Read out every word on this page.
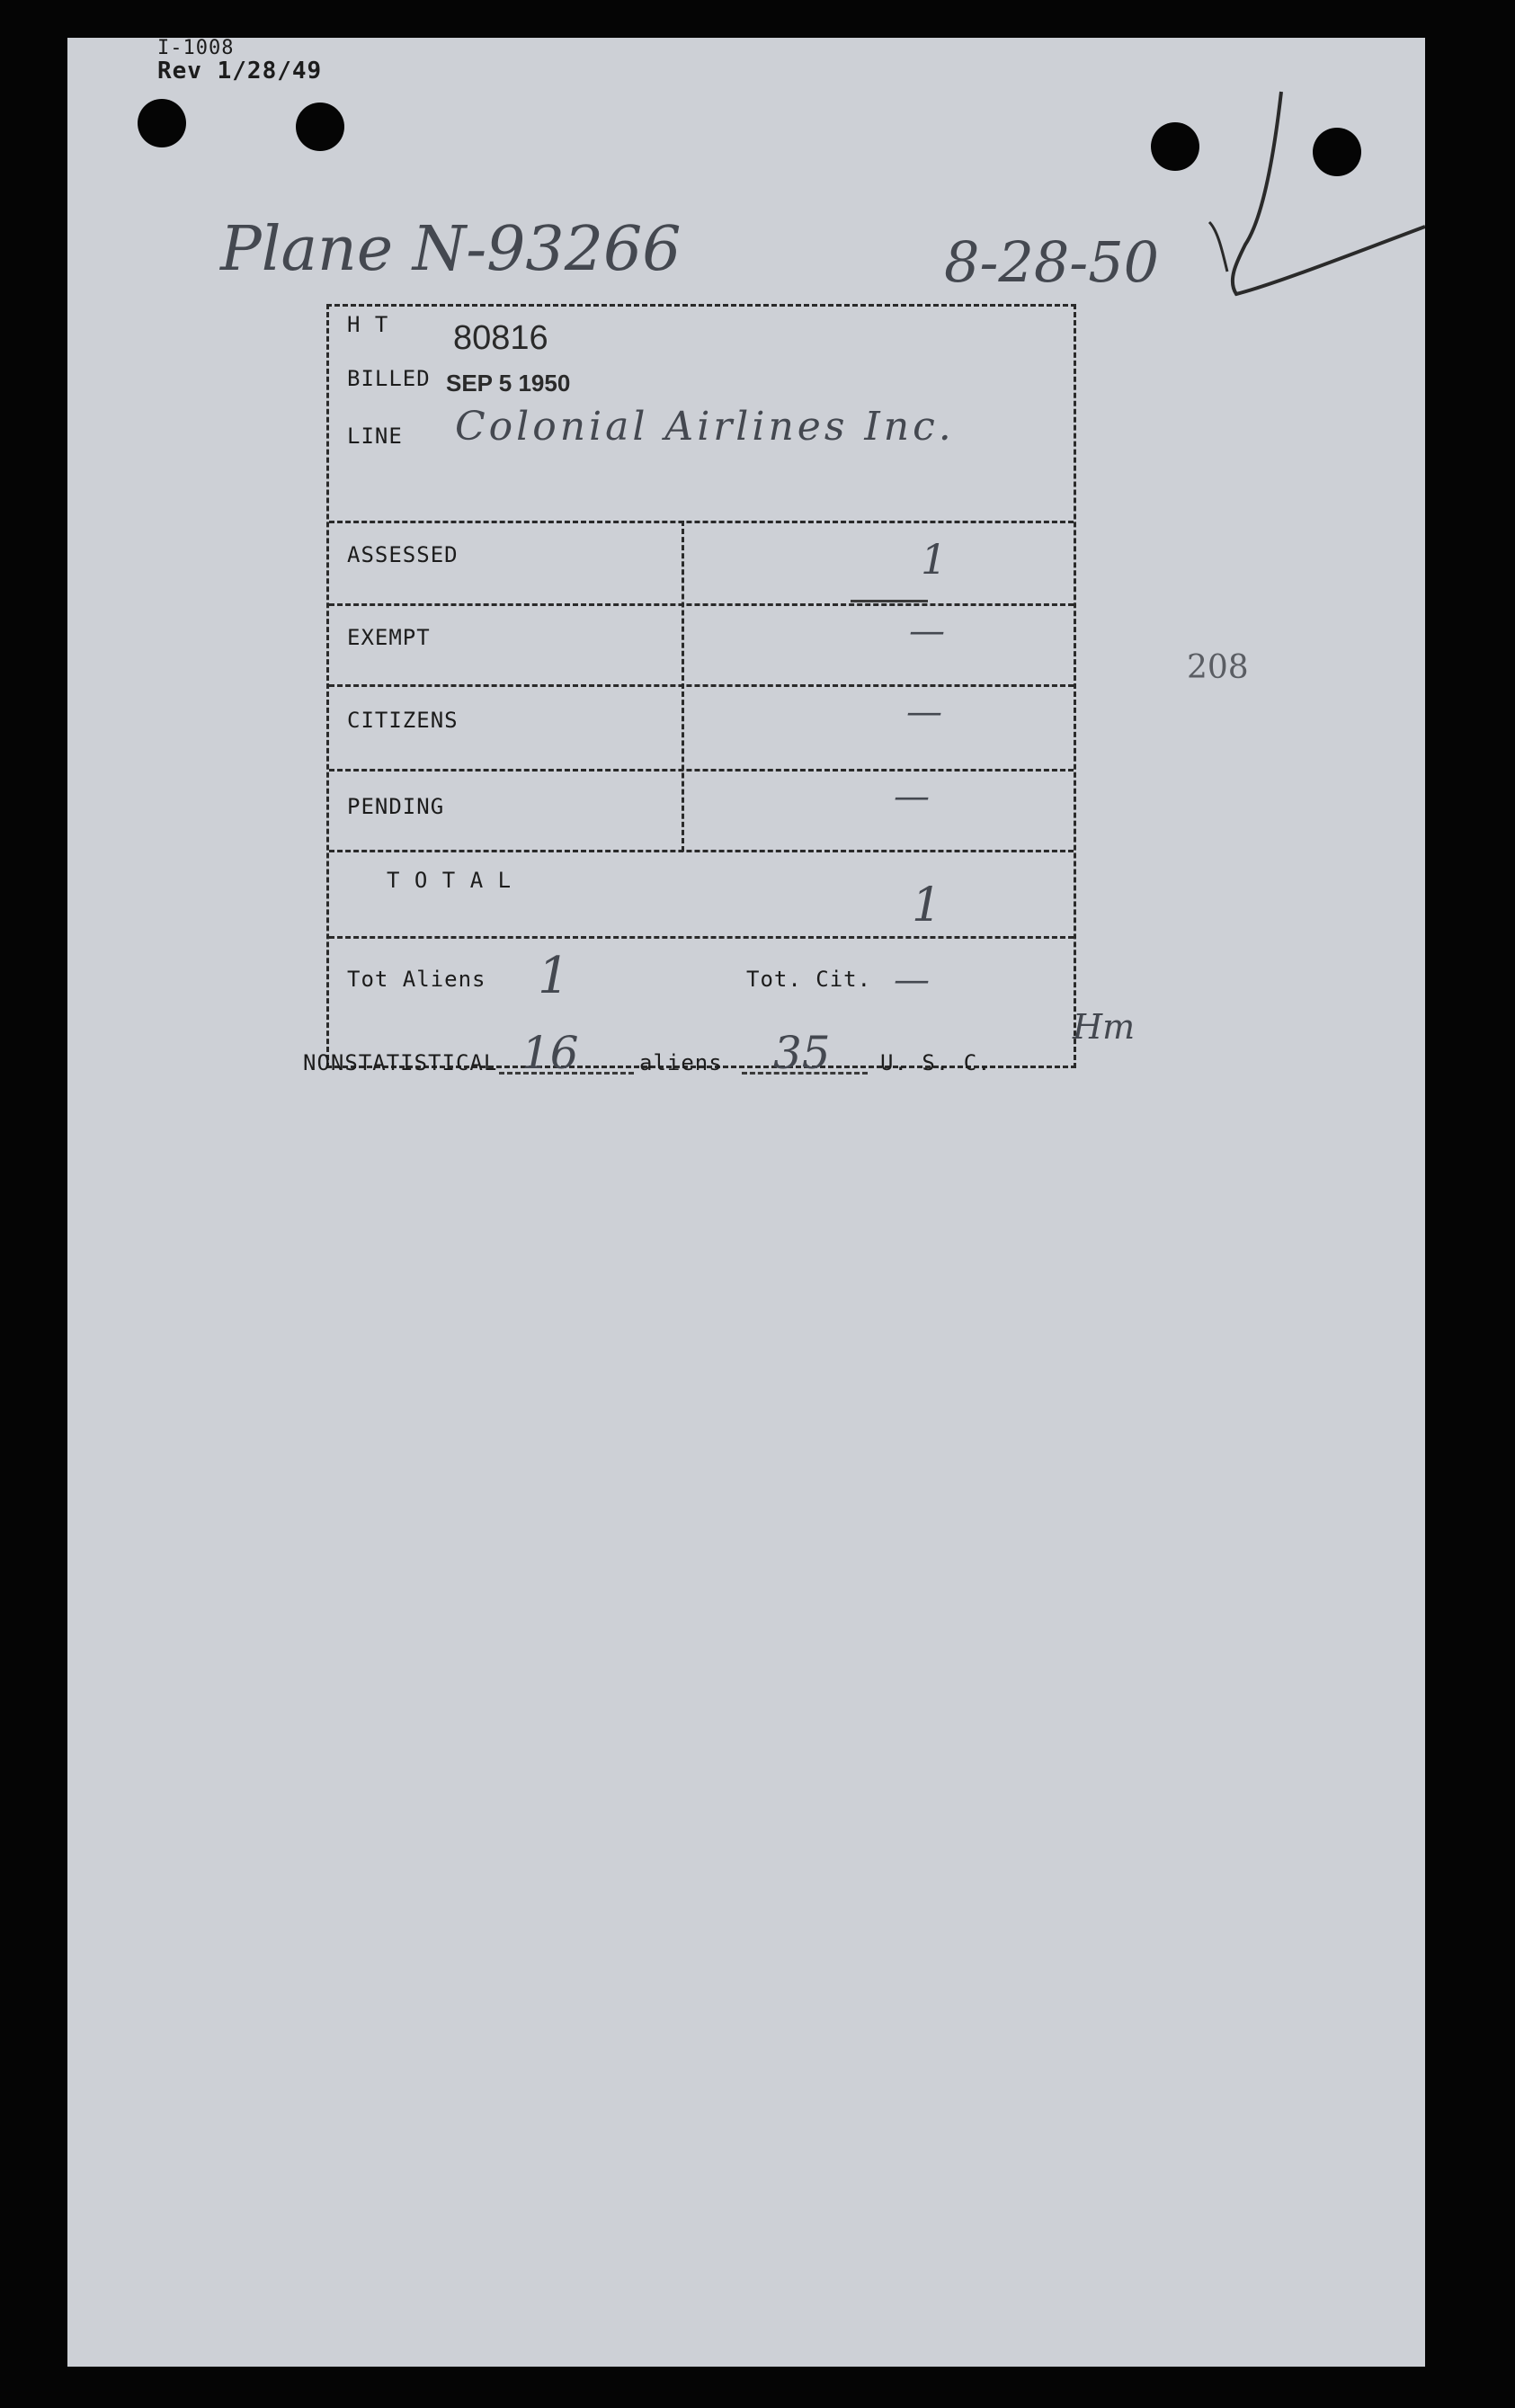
I-1008
Rev 1/28/49
Plane N-93266	8-28-50
H T 80816
BILLED SEP 5 1950
LINE Colonial Airlines Inc.
ASSESSED	1
EXEMPT	—
CITIZENS	—
PENDING	—
T O T A L	1
Tot Aliens 1	Tot. Cit. —
Hm
NONSTATISTICAL 16	aliens 35 U. S. C.
208
